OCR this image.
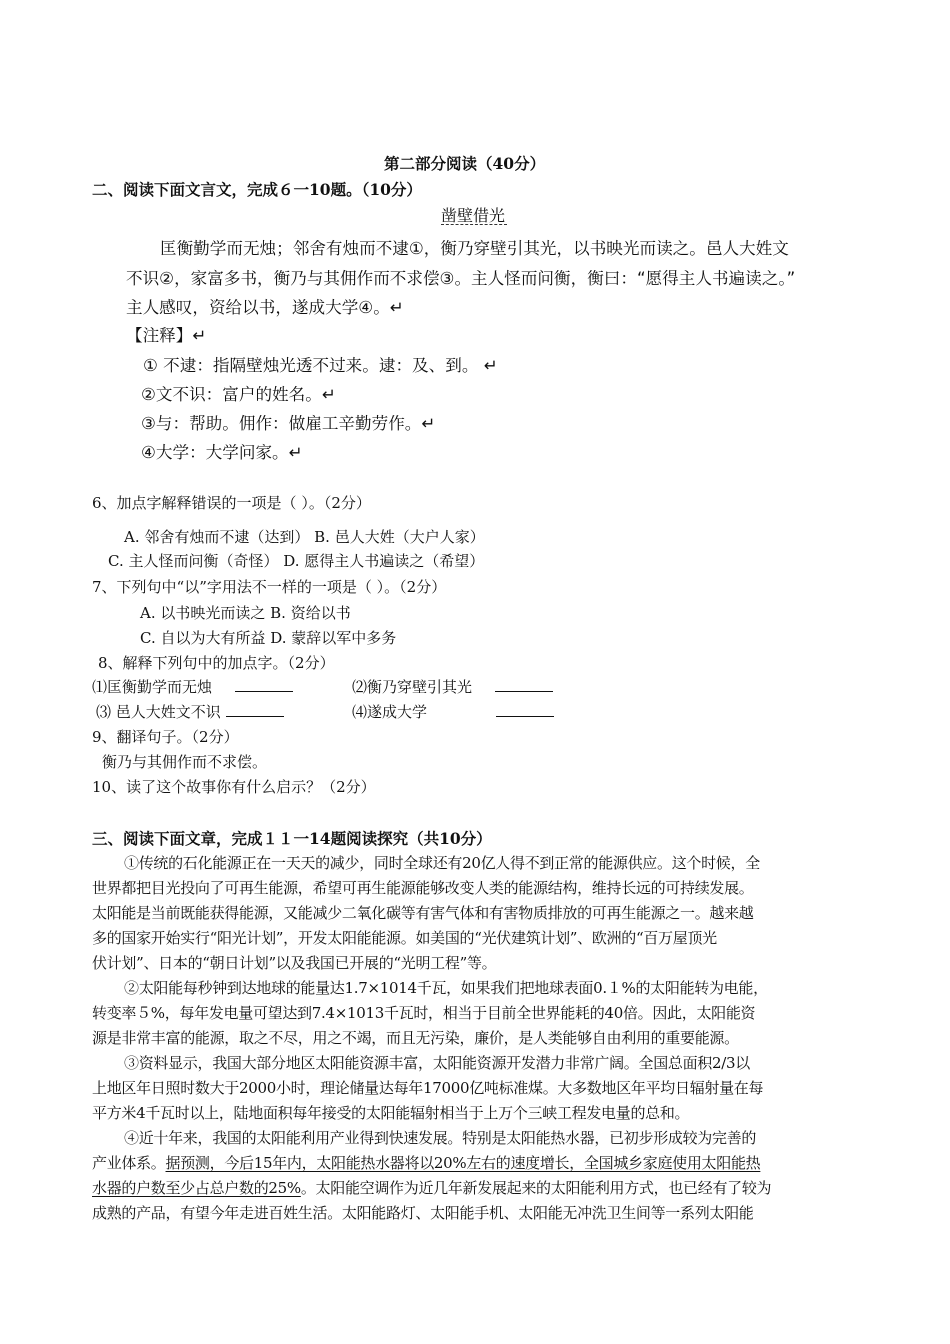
第二部分阅读（40分）
二、阅读下面文言文，完成６一10题。（10分）
凿壁借光
匡衡勤学而无烛；邻舍有烛而不逮①，衡乃穿壁引其光，以书映光而读之。邑人大姓文
不识②，家富多书，衡乃与其佣作而不求偿③。主人怪而问衡，衡曰：“愿得主人书遍读之。”
主人感叹，资给以书，遂成大学④。↵
【注释】↵
① 不逮：指隔壁烛光透不过来。逮：及、到。 ↵
②文不识：富户的姓名。↵
③与：帮助。佣作：做雇工辛勤劳作。↵
④大学：大学问家。↵
6、加点字解释错误的一项是（ ）。（2分）
A. 邻舍有烛而不逮（达到） B. 邑人大姓（大户人家）
C. 主人怪而问衡（奇怪） D. 愿得主人书遍读之（希望）
7、下列句中“以”字用法不一样的一项是（ ）。（2分）
A. 以书映光而读之 B. 资给以书
C. 自以为大有所益 D. 蒙辞以军中多务
8、解释下列句中的加点字。（2分）
⑴匡衡勤学而无烛	⑵衡乃穿壁引其光
⑶ 邑人大姓文不识	⑷遂成大学
9、翻译句子。（2分）
衡乃与其佣作而不求偿。
10、读了这个故事你有什么启示？（2分）
三、阅读下面文章，完成１１一14题阅读探究（共10分）
①传统的石化能源正在一天天的减少，同时全球还有20亿人得不到正常的能源供应。这个时候，全
世界都把目光投向了可再生能源，希望可再生能源能够改变人类的能源结构，维持长远的可持续发展。
太阳能是当前既能获得能源，又能减少二氧化碳等有害气体和有害物质排放的可再生能源之一。越来越
多的国家开始实行“阳光计划”，开发太阳能能源。如美国的“光伏建筑计划”、欧洲的“百万屋顶光
伏计划”、日本的“朝日计划”以及我国已开展的“光明工程”等。
②太阳能每秒钟到达地球的能量达1.7×1014千瓦，如果我们把地球表面0.１%的太阳能转为电能，
转变率５%，每年发电量可望达到7.4×1013千瓦时，相当于目前全世界能耗的40倍。因此，太阳能资
源是非常丰富的能源，取之不尽，用之不竭，而且无污染，廉价，是人类能够自由利用的重要能源。
③资料显示，我国大部分地区太阳能资源丰富，太阳能资源开发潜力非常广阔。全国总面积2/3以
上地区年日照时数大于2000小时，理论储量达每年17000亿吨标准煤。大多数地区年平均日辐射量在每
平方米4千瓦时以上，陆地面积每年接受的太阳能辐射相当于上万个三峡工程发电量的总和。
④近十年来，我国的太阳能利用产业得到快速发展。特别是太阳能热水器，已初步形成较为完善的
产业体系。据预测，今后15年内，太阳能热水器将以20%左右的速度增长，全国城乡家庭使用太阳能热
水器的户数至少占总户数的25%。太阳能空调作为近几年新发展起来的太阳能利用方式，也已经有了较为
成熟的产品，有望今年走进百姓生活。太阳能路灯、太阳能手机、太阳能无冲洗卫生间等一系列太阳能
